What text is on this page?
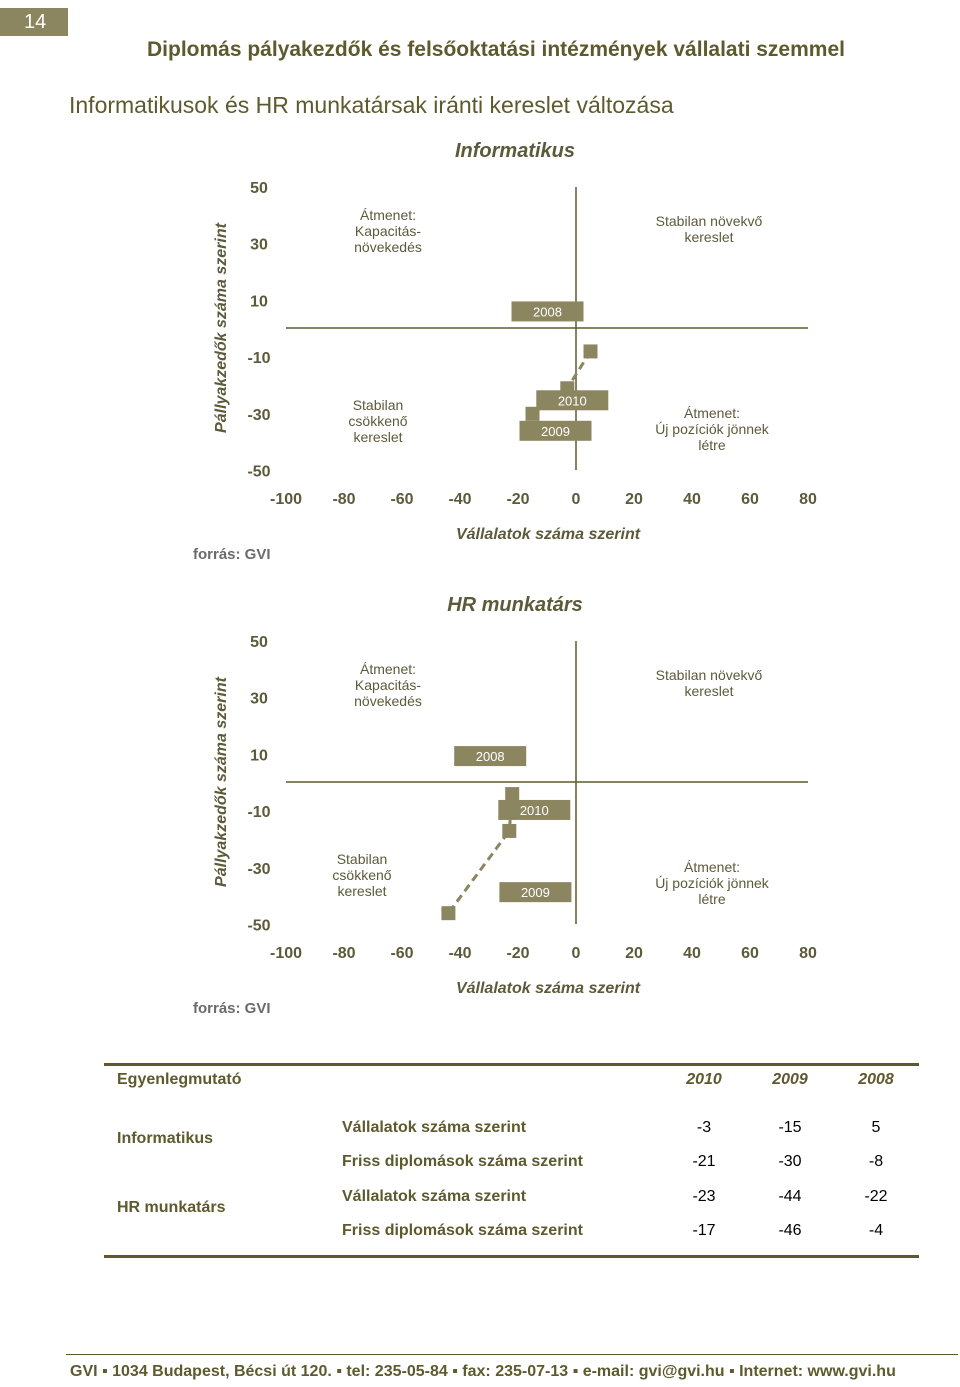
14
Diplomás pályakezdők és felsőoktatási intézmények vállalati szemmel
Informatikusok és HR munkatársak iránti kereslet változása
Informatikus
Pállyakzedők száma szerint
50
30
10
-10
-30
-50
-100 -80 -60 -40 -20	0	20	40	60	80
Vállalatok száma szerint
Átmenet: Kapacitás-növekedés
Stabilan növekvő kereslet
Stabilan csökkenő kereslet
Átmenet: Új pozíciók jönnek létre
2008
2010
2009
forrás: GVI
HR munkatárs
Pállyakzedők száma szerint
50
30
10
-10
-30
-50
-100 -80 -60 -40 -20	0	20	40	60	80
Vállalatok száma szerint
Átmenet: Kapacitás-növekedés
Stabilan növekvő kereslet
Stabilan csökkenő kereslet
Átmenet: Új pozíciók jönnek létre
2008
2010
2009
forrás: GVI
Egyenlegmutató	2010	2009	2008
Informatikus
Vállalatok száma szerint	-3	-15	5
Friss diplomások száma szerint	-21	-30	-8
HR munkatárs
Vállalatok száma szerint	-23	-44	-22
Friss diplomások száma szerint	-17	-46	-4
GVI ▪ 1034 Budapest, Bécsi út 120. ▪ tel: 235-05-84 ▪ fax: 235-07-13 ▪ e-mail: gvi@gvi.hu ▪ Internet: www.gvi.hu
